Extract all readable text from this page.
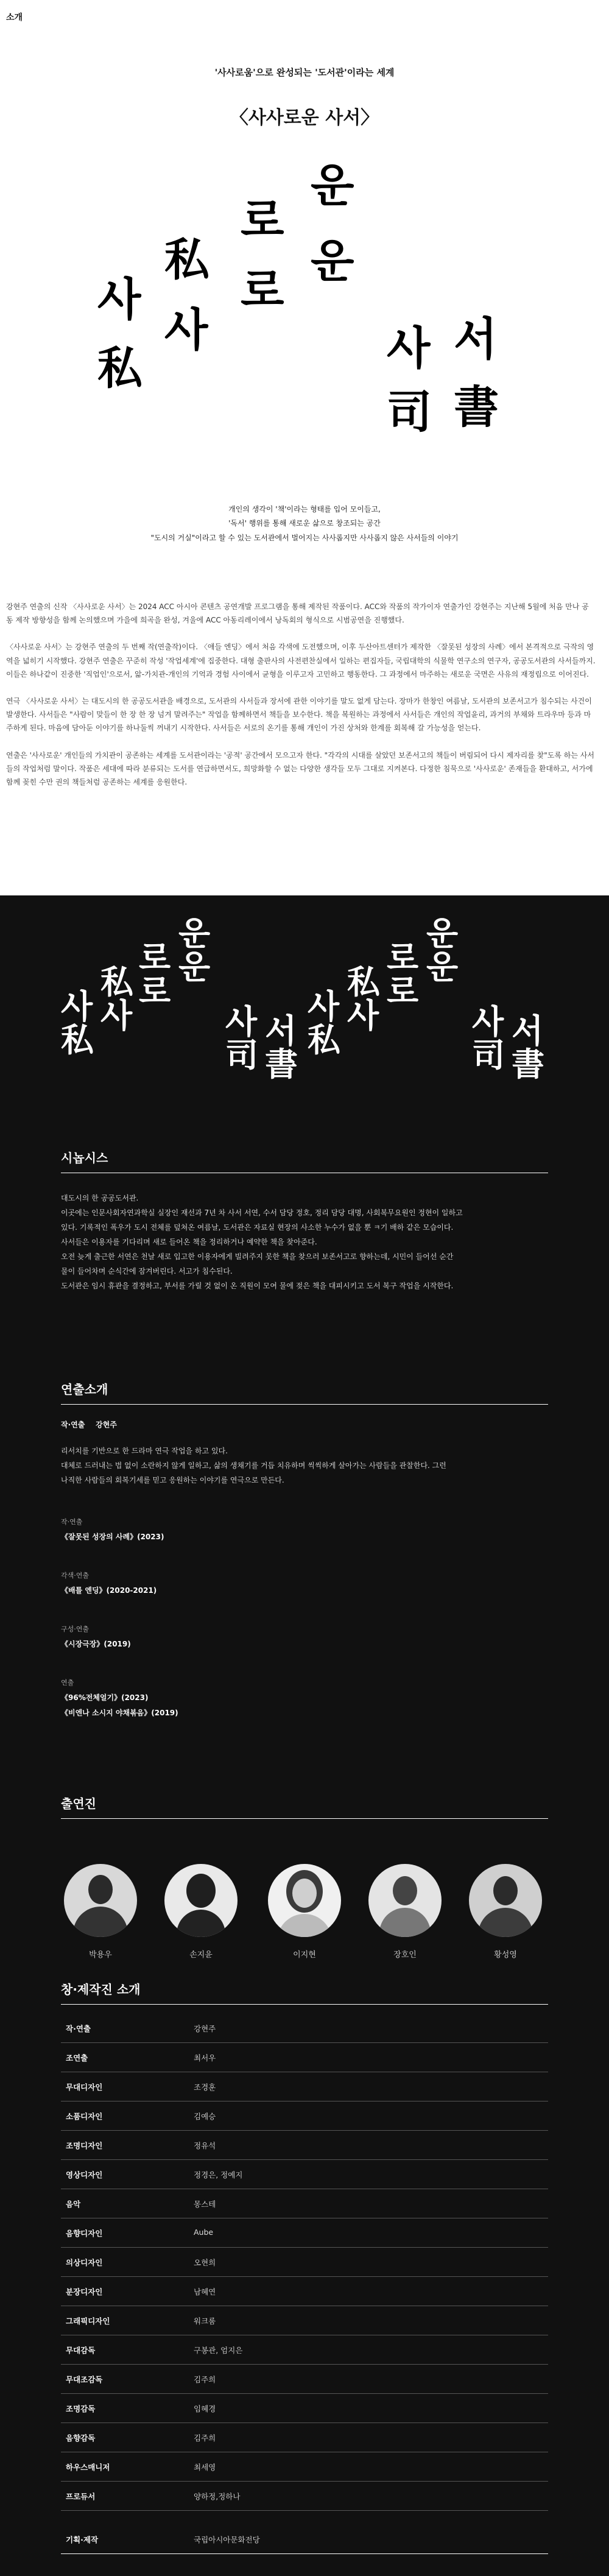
소개
'사사로움'으로 완성되는 '도서관'이라는 세계
〈사사로운 사서〉
운
로
운
私
로
사
사
私
서
사
司 書
개인의 생각이 '책'이라는 형태를 입어 모이들고,
'독서' 행위를 통해 새로운 삶으로 창조되는 공간
"도시의 거실"이라고 할 수 있는 도서관에서 벌어지는 사사롭지만 사사롭지 않은 사서들의 이야기

강현주 연출의 신작 〈사사로운 사서〉는 2024 ACC 아시아 콘텐츠 공연개발 프로그램을 통해 제작된 작품이다. ACC와 작품의 작가이자 연출가인 강현주는 지난해 5월에 처음 만나 공동 제작 방향성을 함께 논의했으며 가을에 희곡을 완성, 겨울에 ACC 아동리레이에서 낭독회의 형식으로 시범공연을 진행했다.

〈사사로운 사서〉는 강현주 연출의 두 번째 작(연출작)이다. 〈애들 엔딩〉에서 처음 각색에 도전했으며, 이후 두산아트센터가 제작한 〈잘못된 성장의 사례〉에서 본격적으로 극작의 영역을 넓히기 시작했다. 강현주 연출은 꾸준히 작성 '작업세계'에 집중한다. 대형 출판사의 사전편찬실에서 일하는 편집자들, 국립대학의 식물학 연구소의 연구자, 공공도서관의 사서들까지. 이들은 하나같이 진중한 '직업인'으로서, 앎-가치관-개인의 기억과 경험 사이에서 균형을 이루고자 고민하고 행동한다. 그 과정에서 마주하는 새로운 국면은 사유의 재정립으로 이어진다.

연극 〈사사로운 사서〉는 대도시의 한 공공도서관을 배경으로, 도서관의 사서들과 장서에 관한 이야기를 말도 없게 담는다. 장마가 한창인 여름날, 도서관의 보존서고가 침수되는 사건이 발생한다. 사서들은 "사람이 맞들이 한 장 한 장 넘겨 말려주는" 작업을 함께하면서 책들을 보수한다. 책을 복원하는 과정에서 사서들은 개인의 작업윤리, 과거의 부채와 트라우마 등과 마주하게 된다. 마음에 담아둔 이야기를 하나둘씩 꺼내기 시작한다. 사서들은 서로의 온기를 통해 개인이 가진 상처와 한계를 회복해 갈 가능성을 얻는다.

연출은 '사사로운' 개인들의 가치관이 공존하는 세계를 도서관이라는 '공적' 공간에서 모으고자 한다. "각각의 시대를 살았던 보존서고의 책들이 버림되어 다시 제자리를 찾"도록 하는 사서들의 작업처럼 말이다. 작품은 세대에 따라 분류되는 도서를 연급하면서도, 희망화할 수 없는 다양한 생각들 모두 그대로 지켜본다. 다정한 침묵으로 '사사로운' 존재들을 환대하고, 서가에 함께 꽂힌 수만 권의 책들처럼 공존하는 세계를 응원한다.

운
로 운
私 로
사 사
私	사
司
서
書
운
로 운
私 로
사 사
私	사
司
서
書
시놉시스
대도시의 한 공공도서관.
이곳에는 인문사회자연과학실 실장인 재선과 7년 차 사서 서연, 수서 담당 정호, 정리 담당 대명, 사회복무요원인 정현이 일하고
있다. 기록적인 폭우가 도시 전체를 덮쳐온 여름날, 도서관은 자료실 현장의 사소한 누수가 없을 뿐 ㅋ기 배하 같은 모습이다.
사서들은 이용자를 기다리며 새로 들어온 책을 정리하거나 예약한 책을 찾아준다.
오전 늦게 출근한 서연은 천날 새로 입고한 이용자에게 빌려주지 못한 책을 찾으러 보존서고로 향하는데, 시민이 들어선 순간
물이 들어차며 순식간에 잠겨버린다. 서고가 침수된다.
도서관은 임시 휴관을 결정하고, 부서를 가릴 것 없이 온 직원이 모여 물에 젖은 책을 대피시키고 도서 복구 작업을 시작한다.
연출소개
작·연출 강현주
리서치를 기반으로 한 드라마 연극 작업을 하고 있다.
대체로 드러내는 법 없이 소란하지 않게 일하고, 삶의 생채기를 거듭 치유하며 씩씩하게 살아가는 사람들을 관찰한다. 그런
나직한 사람들의 회복기세를 믿고 응원하는 이야기를 연극으로 만든다.
작·연출
《잘못된 성장의 사례》(2023)
각색·연출
《배틀 엔딩》(2020-2021)
구성·연출
《시장극장》(2019)
연출
《96%전체얼기》(2023)
《비엔나 소시지 야채볶음》(2019)
출연진
박용우	손지윤	이지현	장호인	황성영
창·제작진 소개
작·연출	강현주
조연출	최서우
무대디자인	조경훈
소품디자인	김예승
조명디자인	정유석
영상디자인	정경은, 정예지
음악	몽스테
음향디자인	Aube
의상디자인	오현희
분장디자인	남혜연
그래픽디자인	워크룸
무대감독	구봉관, 엄지은
무대조감독	김주희
조명감독	임혜경
음향감독	김주희
하우스매니저	최세영
프로듀서	양하정,정하나
기획·제작	국립아시아문화전당
